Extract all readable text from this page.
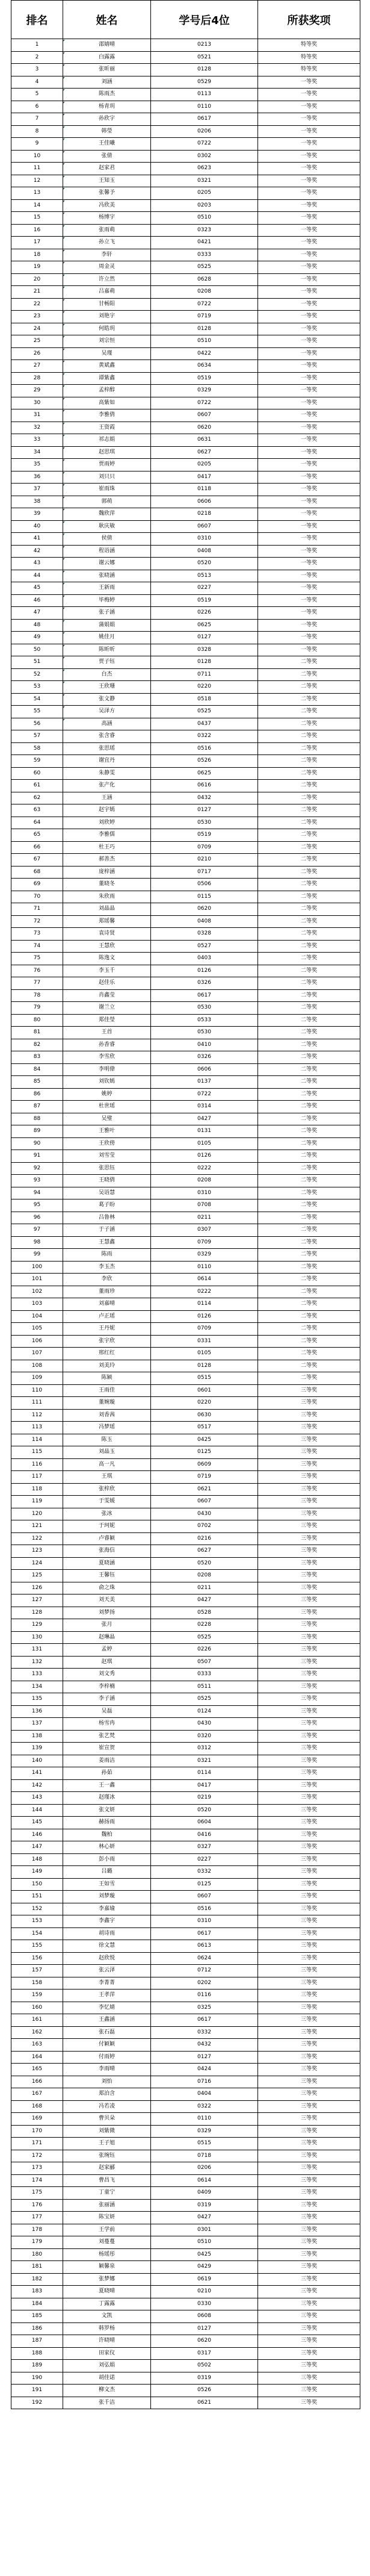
排名	姓名	学号后4位	所获奖项
1	邵婧晴	0213	特等奖
2	白露露	0521	特等奖
3	张昕丽	0128	特等奖
4	刘涵	0529	一等奖
5	陈雨杰	0113	一等奖
6	杨青玥	0110	一等奖
7	孙欣宇	0617	一等奖
8	韩瑩	0206	一等奖
9	王佳曦	0722	一等奖
10	张倩	0302	一等奖
11	赵家君	0623	一等奖
12	王知玉	0321	一等奖
13	张馨予	0205	一等奖
14	冯欣美	0203	一等奖
15	杨博宇	0510	一等奖
16	张雨萌	0323	一等奖
17	孙立飞	0421	一等奖
18	李轩	0333	一等奖
19	周金灵	0525	一等奖
20	许立然	0628	一等奖
21	吕嘉萌	0208	一等奖
22	甘畅阳	0722	一等奖
23	刘艳宇	0719	一等奖
24	何皓玥	0128	一等奖
25	刘宗恒	0510	一等奖
26	吴瑾	0422	一等奖
27	黄斌鑫	0634	一等奖
28	谭紫鑫	0519	一等奖
29	孟梓醇	0329	一等奖
30	高紫如	0722	一等奖
31	李雅倩	0607	一等奖
32	王资霞	0620	一等奖
33	祁志娟	0631	一等奖
34	赵思琪	0627	一等奖
35	贾雨婷	0205	一等奖
36	刘只只	0417	一等奖
37	崔雨珠	0118	一等奖
38	郭萌	0606	一等奖
39	魏欣萍	0218	一等奖
40	耿庆敏	0607	一等奖
41	侯倩	0310	一等奖
42	程语涵	0408	一等奖
43	谢云娜	0520	一等奖
44	张晓涵	0513	一等奖
45	王新雨	0227	一等奖
46	毕梅婷	0519	一等奖
47	张子涵	0226	一等奖
48	蒲娟娟	0625	一等奖
49	姚佳月	0127	一等奖
50	陈昕昕	0328	一等奖
51	贾子钰	0128	二等奖
52	白杰	0711	二等奖
53	王欣珊	0220	二等奖
54	张文静	0518	二等奖
55	吴泽方	0525	二等奖
56	高涵	0437	二等奖
57	张含睿	0322	二等奖
58	张思瑶	0516	二等奖
59	谢宜丹	0526	二等奖
60	朱静雯	0625	二等奖
61	张产化	0616	二等奖
62	王涵	0432	二等奖
63	赵宇嫣	0127	二等奖
64	刘欣婷	0530	二等奖
65	李雅儒	0519	二等奖
66	杜王巧	0709	二等奖
67	郝善杰	0210	二等奖
68	庞梓涵	0717	二等奖
69	董晓冬	0506	二等奖
70	朱欣雨	0115	二等奖
71	刘晶晶	0620	二等奖
72	郑瑶馨	0408	二等奖
73	袁诗贤	0328	二等奖
74	王慧欣	0527	二等奖
75	陈逸文	0403	二等奖
76	李玉千	0126	二等奖
77	赵佳乐	0326	二等奖
78	肖鑫莹	0617	二等奖
79	谢兰立	0530	二等奖
80	郑佳瑩	0533	二等奖
81	王首	0530	二等奖
82	孙香睿	0410	二等奖
83	李雪欣	0326	二等奖
84	李明偉	0606	二等奖
85	刘钦嫣	0137	二等奖
86	姚婷	0722	二等奖
87	杜世瑶	0314	二等奖
88	吴璧	0427	二等奖
89	王雅叶	0131	二等奖
90	王欣傍	0105	二等奖
91	刘雪莹	0126	二等奖
92	张思钰	0222	二等奖
93	王晓倩	0208	二等奖
94	吴语慧	0310	二等奖
95	葛子盼	0708	二等奖
96	吕鲁林	0211	二等奖
97	于子涵	0307	二等奖
98	王慧鑫	0709	二等奖
99	陈雨	0329	二等奖
100	李玉杰	0110	二等奖
101	李欣	0614	二等奖
102	董雨珍	0222	二等奖
103	刘嘉晴	0114	二等奖
104	卢正瑶	0126	二等奖
105	王丹妮	0709	二等奖
106	张宇欣	0331	二等奖
107	邢红红	0105	二等奖
108	刘美玲	0128	二等奖
109	陈颖	0515	二等奖
110	王雨佳	0601	三等奖
111	董婉璇	0220	三等奖
112	刘香茜	0630	三等奖
113	冯梦瑶	0517	三等奖
114	陈玉	0425	三等奖
115	刘晶玉	0125	三等奖
116	高一凡	0609	三等奖
117	王琪	0719	三等奖
118	张梓欣	0621	三等奖
119	于雯媛	0607	三等奖
120	张冰	0430	三等奖
121	于珂妮	0702	三等奖
122	卢睿颖	0216	三等奖
123	张海信	0627	三等奖
124	夏晓涵	0520	三等奖
125	王馨钰	0208	三等奖
126	俞之珠	0211	三等奖
127	刘天美	0427	三等奖
128	刘梦扬	0528	三等奖
129	张月	0228	三等奖
130	赵琳晶	0525	三等奖
131	孟婷	0226	三等奖
132	赵琪	0507	三等奖
133	刘文秀	0333	三等奖
134	李梓楠	0511	三等奖
135	李子涵	0525	三等奖
136	吴磊	0124	三等奖
137	杨雪冉	0430	三等奖
138	张艺梵	0320	三等奖
139	崔宣贺	0312	三等奖
140	姜雨洁	0321	三等奖
141	孙茹	0114	三等奖
142	王一鑫	0417	三等奖
143	赵瑾冰	0219	三等奖
144	张文妍	0520	三等奖
145	赫扬雨	0604	三等奖
146	魏柏	0416	三等奖
147	林心妍	0327	三等奖
148	彭小雨	0227	三等奖
149	吕璐	0332	三等奖
150	王如雪	0125	三等奖
151	刘梦璇	0607	三等奖
152	李嘉瑜	0516	三等奖
153	李鑫宇	0310	三等奖
154	胡诗雨	0617	三等奖
155	徐文慧	0613	三等奖
156	赵欣悦	0624	三等奖
157	张云泽	0712	三等奖
158	李菁菁	0202	三等奖
159	王孝萍	0116	三等奖
160	李忆婧	0325	三等奖
161	王鑫涵	0617	三等奖
162	张石磊	0332	三等奖
163	付颖颖	0432	三等奖
164	付雨婷	0127	三等奖
165	李雨晴	0424	三等奖
166	刘怡	0716	三等奖
167	郑泊含	0404	三等奖
168	冯若凌	0322	三等奖
169	曹贝朵	0110	三等奖
170	刘紫微	0329	三等奖
171	王子旭	0515	三等奖
172	张琬钰	0718	三等奖
173	赵家郦	0206	三等奖
174	曹昌飞	0614	三等奖
175	丁童宁	0409	三等奖
176	张丽涵	0319	三等奖
177	陈宝妍	0427	三等奖
178	王学前	0301	三等奖
179	刘蔓蔓	0510	三等奖
180	杨瑶彤	0425	三等奖
181	颖馨泉	0429	三等奖
182	张梦娜	0619	三等奖
183	夏晓晴	0210	三等奖
184	丁露露	0330	三等奖
185	文凯	0608	三等奖
186	韩罗杨	0127	三等奖
187	许晓晴	0620	三等奖
188	田家仪	0317	三等奖
189	刘弘娟	0502	三等奖
190	胡佳诺	0319	三等奖
191	柳文杰	0526	三等奖
192	张千洁	0621	三等奖
